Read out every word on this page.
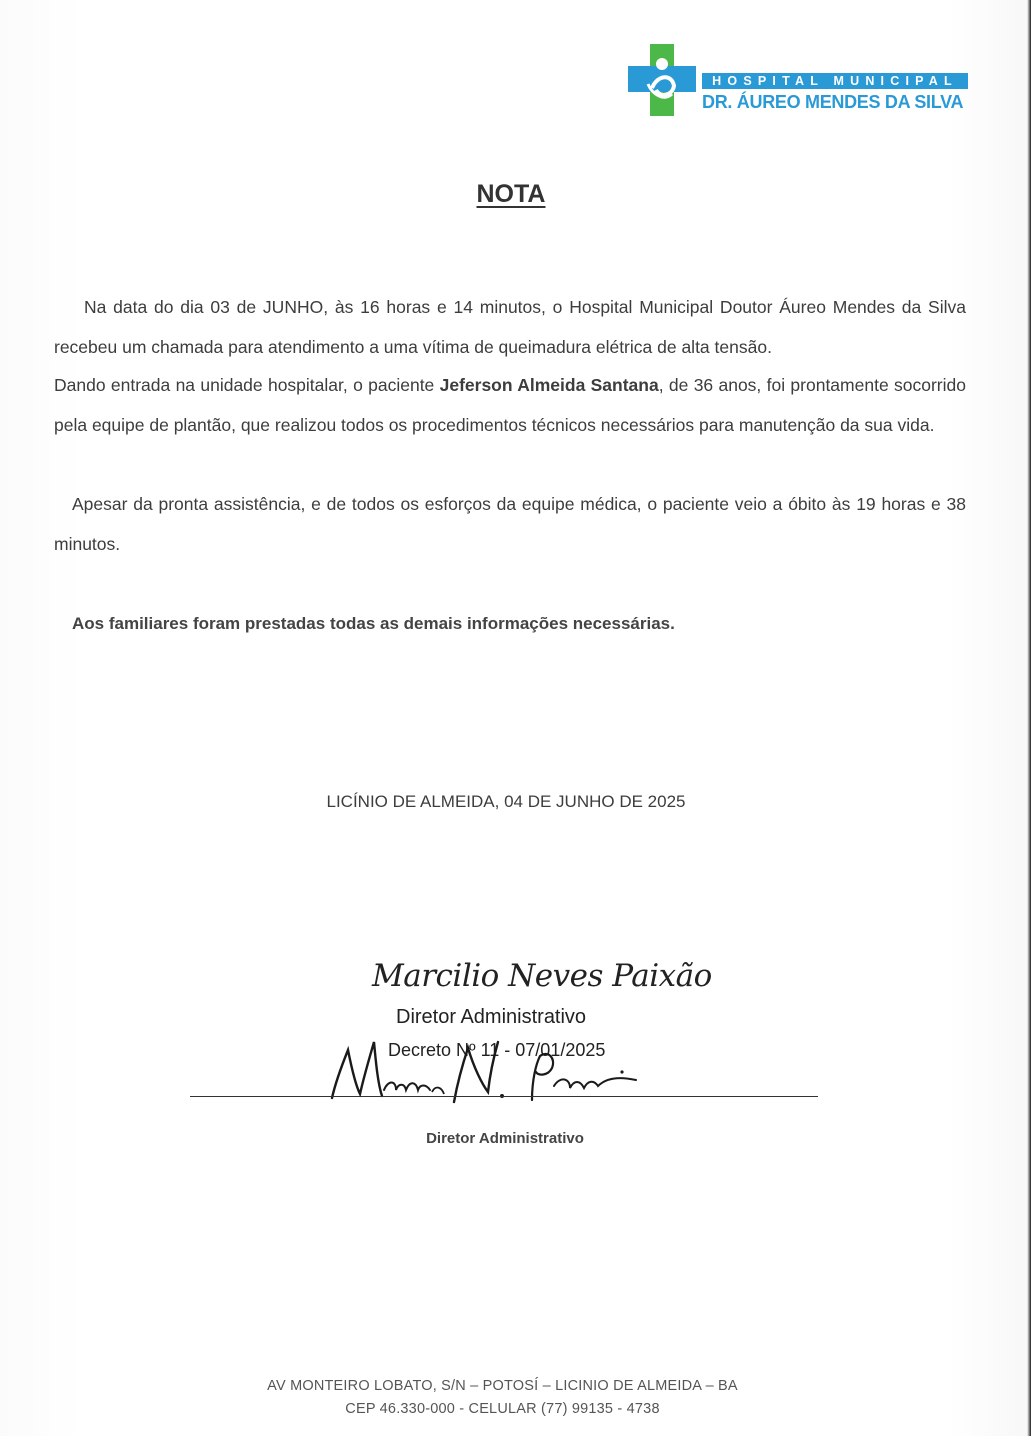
HOSPITAL MUNICIPAL
DR. ÁUREO MENDES DA SILVA
NOTA
Na data do dia 03 de JUNHO, às 16 horas e 14 minutos, o Hospital Municipal Doutor Áureo Mendes da Silva recebeu um chamada para atendimento a uma vítima de queimadura elétrica de alta tensão.
Dando entrada na unidade hospitalar, o paciente Jeferson Almeida Santana, de 36 anos, foi prontamente socorrido pela equipe de plantão, que realizou todos os procedimentos técnicos necessários para manutenção da sua vida.
Apesar da pronta assistência, e de todos os esforços da equipe médica, o paciente veio a óbito às 19 horas e 38 minutos.
Aos familiares foram prestadas todas as demais informações necessárias.
LICÍNIO DE ALMEIDA, 04 DE JUNHO DE 2025
Marcilio Neves Paixão
Diretor Administrativo
Decreto Nº 11 - 07/01/2025
Diretor Administrativo
AV MONTEIRO LOBATO, S/N – POTOSÍ – LICINIO DE ALMEIDA – BA
CEP 46.330-000 - CELULAR (77) 99135 - 4738
